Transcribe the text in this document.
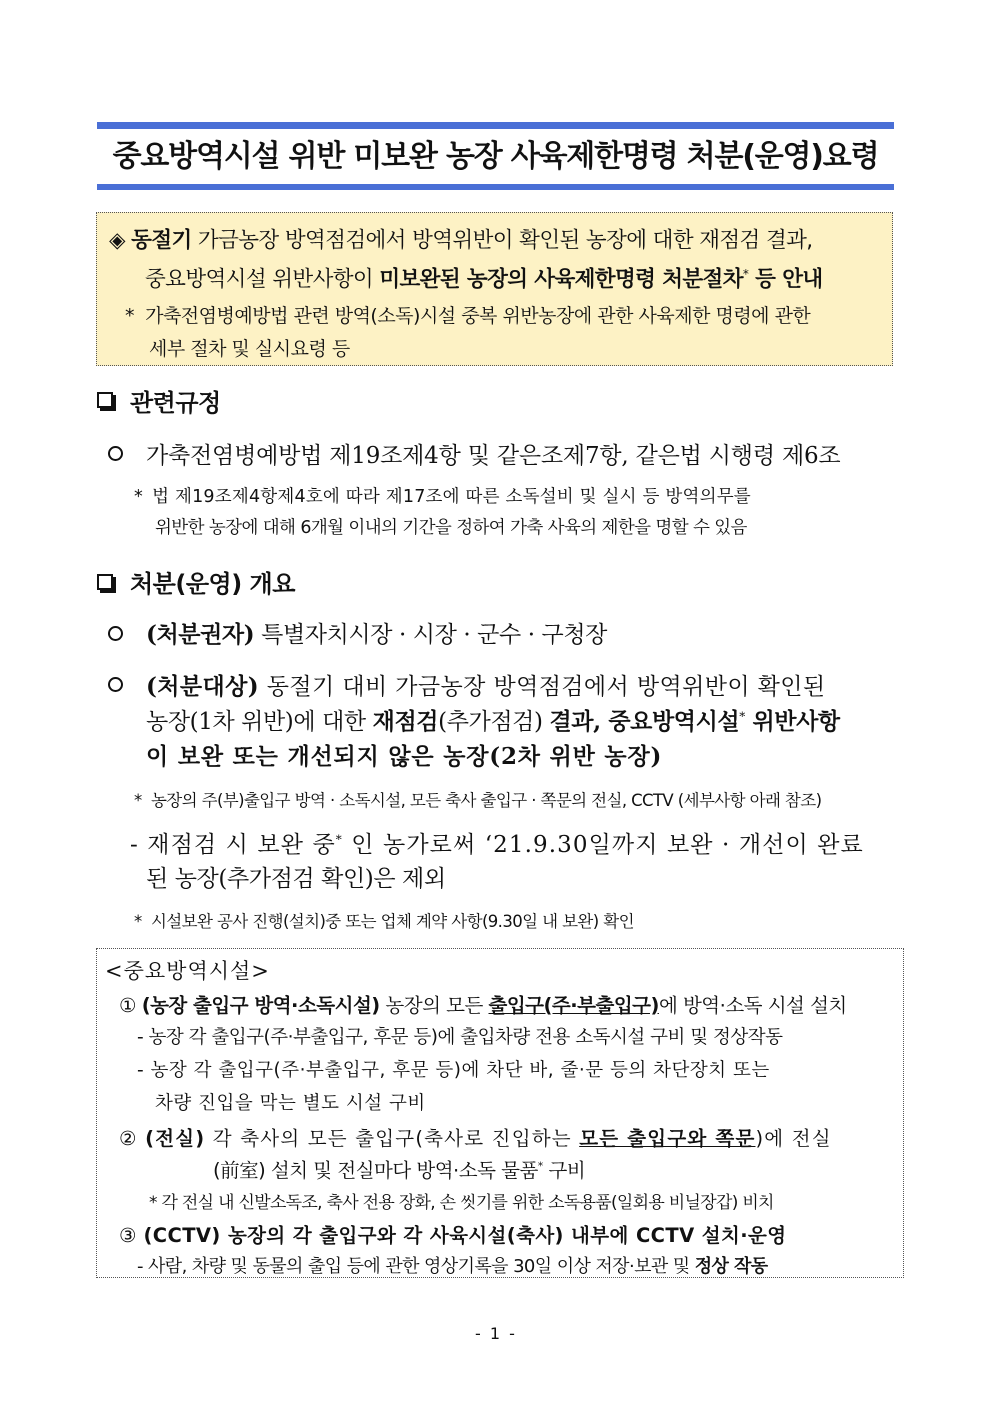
중요방역시설 위반 미보완 농장 사육제한명령 처분(운영)요령
◈ 동절기 가금농장 방역점검에서 방역위반이 확인된 농장에 대한 재점검 결과,
중요방역시설 위반사항이 미보완된 농장의 사육제한명령 처분절차* 등 안내
* 가축전염병예방법 관련 방역(소독)시설 중복 위반농장에 관한 사육제한 명령에 관한
세부 절차 및 실시요령 등
관련규정
가축전염병예방법 제19조제4항 및 같은조제7항, 같은법 시행령 제6조
* 법 제19조제4항제4호에 따라 제17조에 따른 소독설비 및 실시 등 방역의무를
위반한 농장에 대해 6개월 이내의 기간을 정하여 가축 사육의 제한을 명할 수 있음
처분(운영) 개요
(처분권자) 특별자치시장 · 시장 · 군수 · 구청장
(처분대상) 동절기 대비 가금농장 방역점검에서 방역위반이 확인된
농장(1차 위반)에 대한 재점검(추가점검) 결과, 중요방역시설* 위반사항
이 보완 또는 개선되지 않은 농장(2차 위반 농장)
* 농장의 주(부)출입구 방역 · 소독시설, 모든 축사 출입구 · 쪽문의 전실, CCTV (세부사항 아래 참조)
- 재점검 시 보완 중* 인 농가로써 ‘21.9.30일까지 보완 · 개선이 완료
된 농장(추가점검 확인)은 제외
* 시설보완 공사 진행(설치)중 또는 업체 계약 사항(9.30일 내 보완) 확인
<중요방역시설>
① (농장 출입구 방역·소독시설) 농장의 모든 출입구(주·부출입구)에 방역·소독 시설 설치
- 농장 각 출입구(주·부출입구, 후문 등)에 출입차량 전용 소독시설 구비 및 정상작동
- 농장 각 출입구(주·부출입구, 후문 등)에 차단 바, 줄·문 등의 차단장치 또는
차량 진입을 막는 별도 시설 구비
② (전실) 각 축사의 모든 출입구(축사로 진입하는 모든 출입구와 쪽문)에 전실
(前室) 설치 및 전실마다 방역·소독 물품* 구비
* 각 전실 내 신발소독조, 축사 전용 장화, 손 씻기를 위한 소독용품(일회용 비닐장갑) 비치
③ (CCTV) 농장의 각 출입구와 각 사육시설(축사) 내부에 CCTV 설치·운영
- 사람, 차량 및 동물의 출입 등에 관한 영상기록을 30일 이상 저장·보관 및 정상 작동
- 1 -
